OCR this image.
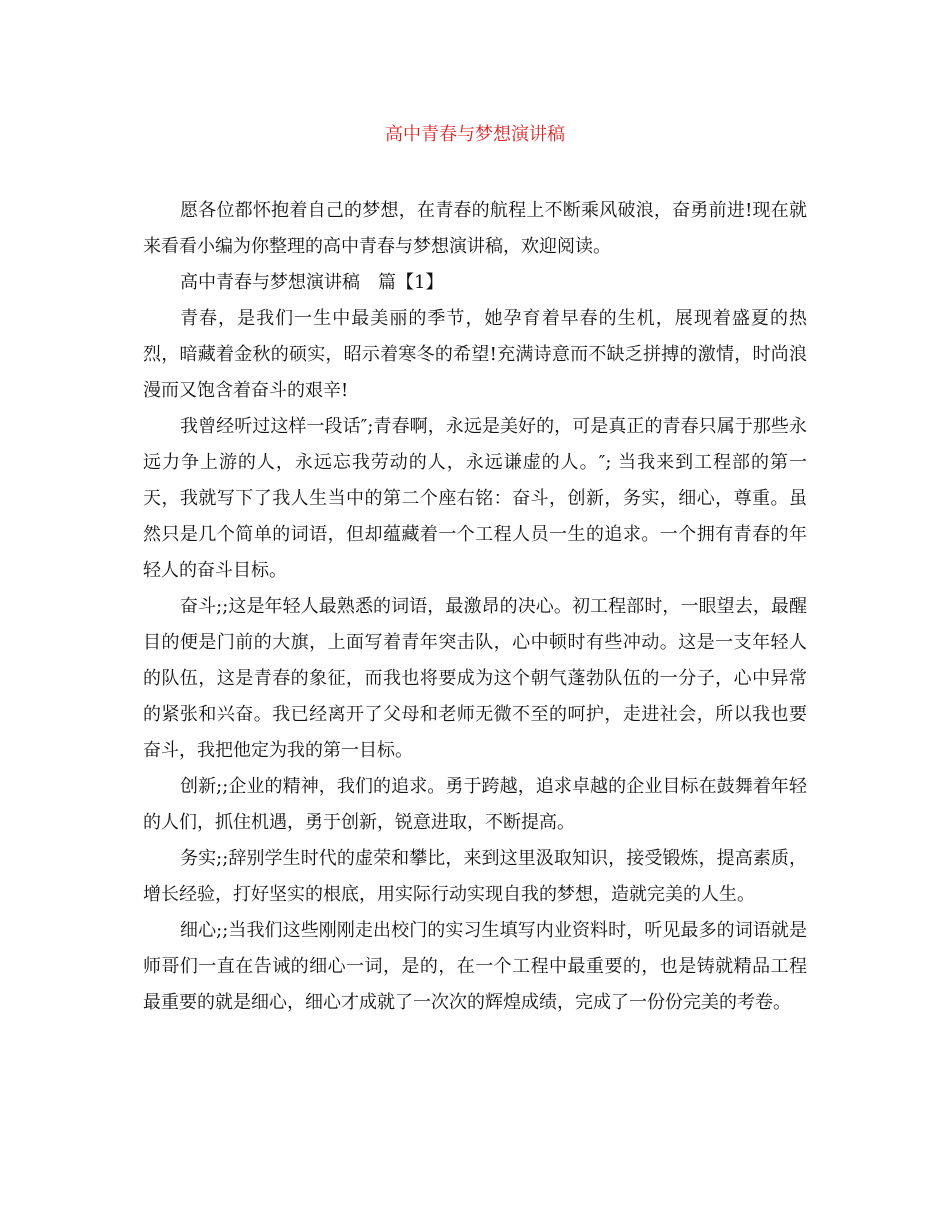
高中青春与梦想演讲稿

愿各位都怀抱着自己的梦想，在青春的航程上不断乘风破浪，奋勇前进!现在就来看看小编为你整理的高中青春与梦想演讲稿，欢迎阅读。

高中青春与梦想演讲稿 篇【1】

青春，是我们一生中最美丽的季节，她孕育着早春的生机，展现着盛夏的热烈，暗藏着金秋的硕实，昭示着寒冬的希望!充满诗意而不缺乏拼搏的激情，时尚浪漫而又饱含着奋斗的艰辛!

我曾经听过这样一段话″;青春啊，永远是美好的，可是真正的青春只属于那些永远力争上游的人，永远忘我劳动的人，永远谦虚的人。″; 当我来到工程部的第一天，我就写下了我人生当中的第二个座右铭：奋斗，创新，务实，细心，尊重。虽然只是几个简单的词语，但却蕴藏着一个工程人员一生的追求。一个拥有青春的年轻人的奋斗目标。

奋斗;;这是年轻人最熟悉的词语，最激昂的决心。初工程部时，一眼望去，最醒目的便是门前的大旗，上面写着青年突击队，心中顿时有些冲动。这是一支年轻人的队伍，这是青春的象征，而我也将要成为这个朝气蓬勃队伍的一分子，心中异常的紧张和兴奋。我已经离开了父母和老师无微不至的呵护，走进社会，所以我也要奋斗，我把他定为我的第一目标。

创新;;企业的精神，我们的追求。勇于跨越，追求卓越的企业目标在鼓舞着年轻的人们，抓住机遇，勇于创新，锐意进取，不断提高。

务实;;辞别学生时代的虚荣和攀比，来到这里汲取知识，接受锻炼，提高素质，增长经验，打好坚实的根底，用实际行动实现自我的梦想，造就完美的人生。

细心;;当我们这些刚刚走出校门的实习生填写内业资料时，听见最多的词语就是师哥们一直在告诫的细心一词，是的，在一个工程中最重要的，也是铸就精品工程最重要的就是细心，细心才成就了一次次的辉煌成绩，完成了一份份完美的考卷。
